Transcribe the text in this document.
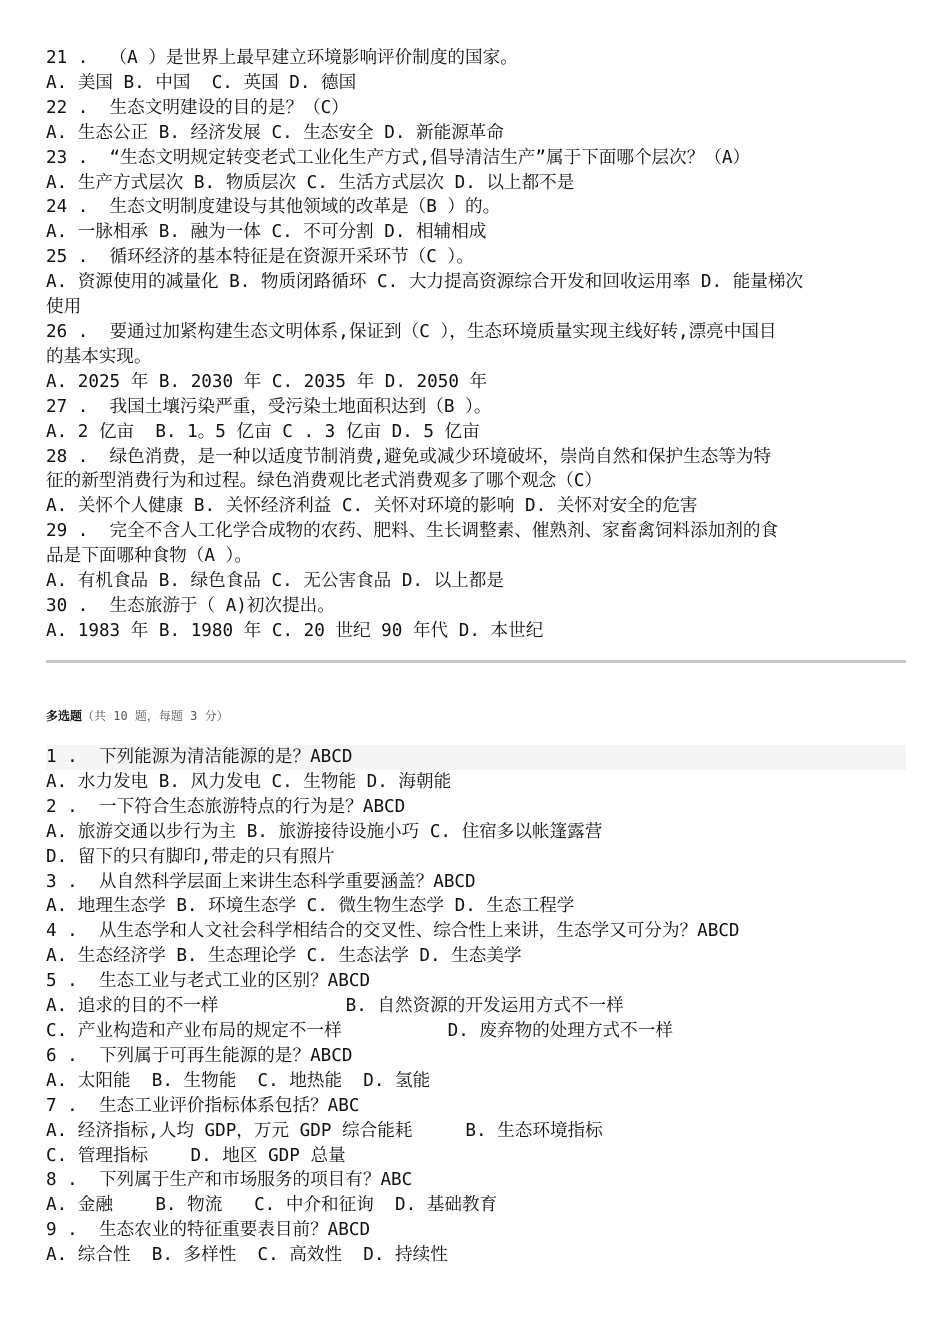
21 .  （A ）是世界上最早建立环境影响评价制度的国家。

A. 美国 B. 中国  C. 英国 D. 德国

22 .  生态文明建设的目的是？（C）

A. 生态公正 B. 经济发展 C. 生态安全 D. 新能源革命

23 .  “生态文明规定转变老式工业化生产方式,倡导清洁生产”属于下面哪个层次？（A）

A. 生产方式层次 B. 物质层次 C. 生活方式层次 D. 以上都不是

24 .  生态文明制度建设与其他领域的改革是（B ）的。

A. 一脉相承 B. 融为一体 C. 不可分割 D. 相辅相成

25 .  循环经济的基本特征是在资源开采环节（C ）。

A. 资源使用的减量化 B. 物质闭路循环 C. 大力提高资源综合开发和回收运用率 D. 能量梯次

使用

26 .  要通过加紧构建生态文明体系,保证到（C ），生态环境质量实现主线好转,漂亮中国目

的基本实现。

A. 2025 年 B. 2030 年 C. 2035 年 D. 2050 年

27 .  我国土壤污染严重，受污染土地面积达到（B ）。

A. 2 亿亩  B. 1。5 亿亩 C . 3 亿亩 D. 5 亿亩

28 .  绿色消费，是一种以适度节制消费,避免或减少环境破坏，崇尚自然和保护生态等为特

征的新型消费行为和过程。绿色消费观比老式消费观多了哪个观念（C）

A. 关怀个人健康 B. 关怀经济利益 C. 关怀对环境的影响 D. 关怀对安全的危害

29 .  完全不含人工化学合成物的农药、肥料、生长调整素、催熟剂、家畜禽饲料添加剂的食

品是下面哪种食物（A ）。

A. 有机食品 B. 绿色食品 C. 无公害食品 D. 以上都是

30 .  生态旅游于（ A)初次提出。

A. 1983 年 B. 1980 年 C. 20 世纪 90 年代 D. 本世纪

多选题（共 10 题，每题 3 分）

1 .  下列能源为清洁能源的是？ABCD

A. 水力发电 B. 风力发电 C. 生物能 D. 海朝能

2 .  一下符合生态旅游特点的行为是？ABCD

A. 旅游交通以步行为主 B. 旅游接待设施小巧 C. 住宿多以帐篷露营

D. 留下的只有脚印,带走的只有照片

3 .  从自然科学层面上来讲生态科学重要涵盖？ABCD

A. 地理生态学 B. 环境生态学 C. 微生物生态学 D. 生态工程学

4 .  从生态学和人文社会科学相结合的交叉性、综合性上来讲，生态学又可分为？ABCD

A. 生态经济学 B. 生态理论学 C. 生态法学 D. 生态美学

5 .  生态工业与老式工业的区别？ABCD

A. 追求的目的不一样            B. 自然资源的开发运用方式不一样

C. 产业构造和产业布局的规定不一样          D. 废弃物的处理方式不一样

6 .  下列属于可再生能源的是？ABCD

A. 太阳能  B. 生物能  C. 地热能  D. 氢能

7 .  生态工业评价指标体系包括？ABC

A. 经济指标,人均 GDP，万元 GDP 综合能耗     B. 生态环境指标

C. 管理指标    D. 地区 GDP 总量

8 .  下列属于生产和市场服务的项目有？ABC

A. 金融    B. 物流   C. 中介和征询  D. 基础教育

9 .  生态农业的特征重要表目前？ABCD

A. 综合性  B. 多样性  C. 高效性  D. 持续性
